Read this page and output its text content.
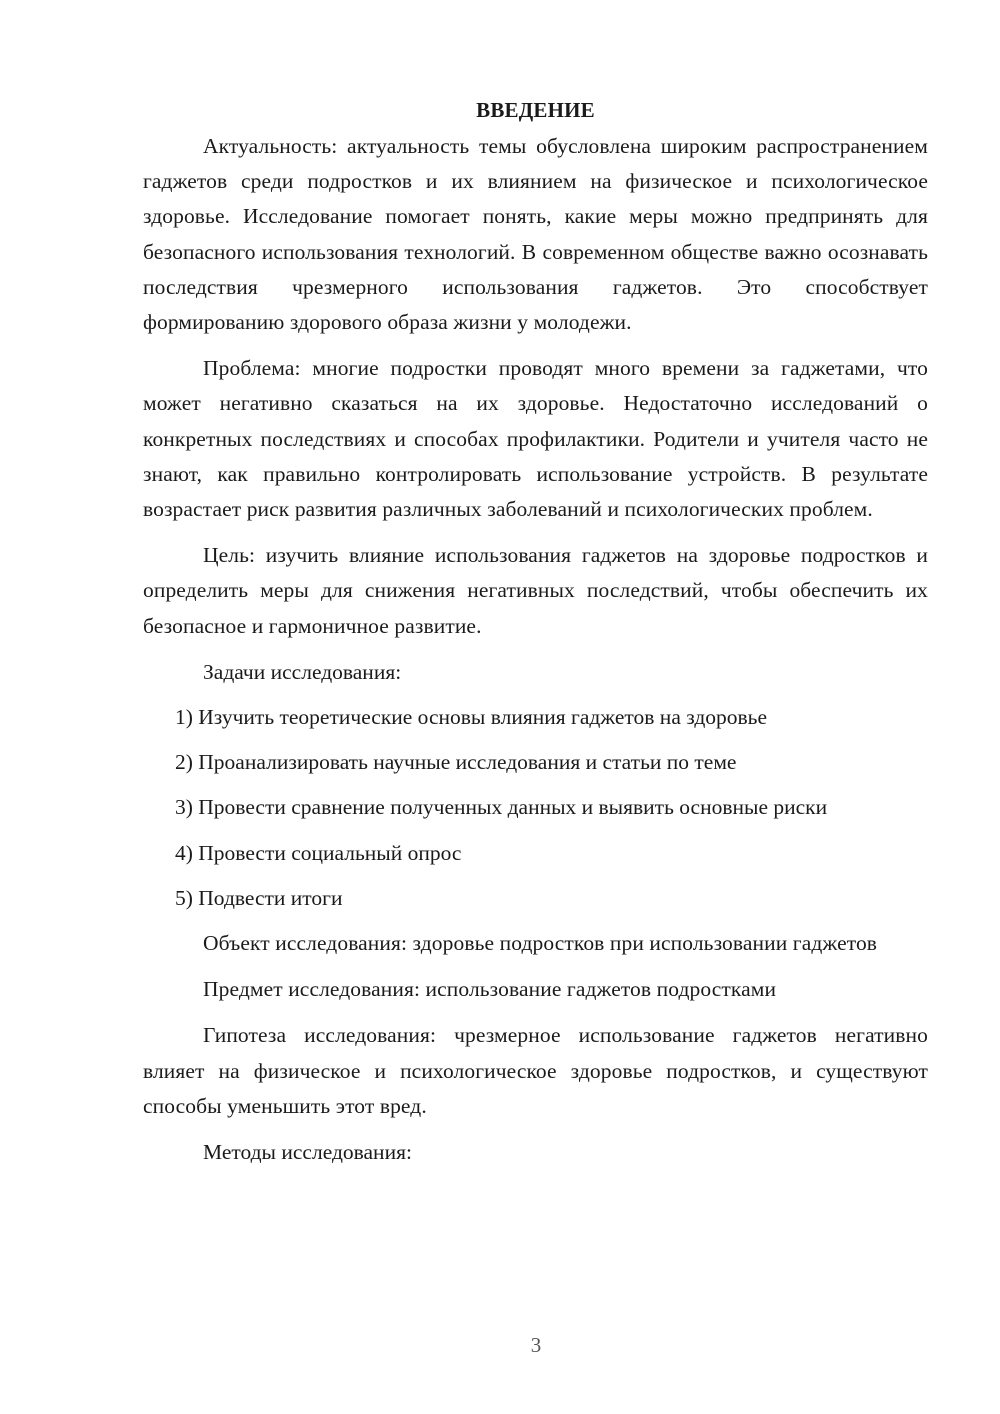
ВВЕДЕНИЕ

Актуальность: актуальность темы обусловлена широким распространением гаджетов среди подростков и их влиянием на физическое и психологическое здоровье. Исследование помогает понять, какие меры можно предпринять для безопасного использования технологий. В современном обществе важно осознавать последствия чрезмерного использования гаджетов. Это способствует формированию здорового образа жизни у молодежи.

Проблема: многие подростки проводят много времени за гаджетами, что может негативно сказаться на их здоровье. Недостаточно исследований о конкретных последствиях и способах профилактики. Родители и учителя часто не знают, как правильно контролировать использование устройств. В результате возрастает риск развития различных заболеваний и психологических проблем.

Цель: изучить влияние использования гаджетов на здоровье подростков и определить меры для снижения негативных последствий, чтобы обеспечить их безопасное и гармоничное развитие.

Задачи исследования:

1) Изучить теоретические основы влияния гаджетов на здоровье
2) Проанализировать научные исследования и статьи по теме
3) Провести сравнение полученных данных и выявить основные риски
4) Провести социальный опрос
5) Подвести итоги

Объект исследования: здоровье подростков при использовании гаджетов

Предмет исследования: использование гаджетов подростками

Гипотеза исследования: чрезмерное использование гаджетов негативно влияет на физическое и психологическое здоровье подростков, и существуют способы уменьшить этот вред.

Методы исследования:

3
